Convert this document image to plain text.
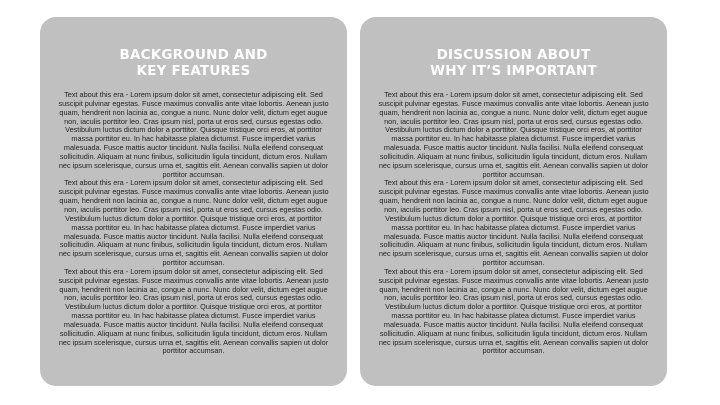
BACKGROUND AND
KEY FEATURES
Text about this era - Lorem ipsum dolor sit amet, consectetur adipiscing elit. Sed suscipit pulvinar egestas. Fusce maximus convallis ante vitae lobortis. Aenean justo quam, hendrerit non lacinia ac, congue a nunc. Nunc dolor velit, dictum eget augue non, iaculis porttitor leo. Cras ipsum nisl, porta ut eros sed, cursus egestas odio. Vestibulum luctus dictum dolor a porttitor. Quisque tristique orci eros, at porttitor massa porttitor eu. In hac habitasse platea dictumst. Fusce imperdiet varius malesuada. Fusce mattis auctor tincidunt. Nulla facilisi. Nulla eleifend consequat sollicitudin. Aliquam at nunc finibus, sollicitudin ligula tincidunt, dictum eros. Nullam nec ipsum scelerisque, cursus urna et, sagittis elit. Aenean convallis sapien ut dolor porttitor accumsan.
Text about this era - Lorem ipsum dolor sit amet, consectetur adipiscing elit. Sed suscipit pulvinar egestas. Fusce maximus convallis ante vitae lobortis. Aenean justo quam, hendrerit non lacinia ac, congue a nunc. Nunc dolor velit, dictum eget augue non, iaculis porttitor leo. Cras ipsum nisl, porta ut eros sed, cursus egestas odio. Vestibulum luctus dictum dolor a porttitor. Quisque tristique orci eros, at porttitor massa porttitor eu. In hac habitasse platea dictumst. Fusce imperdiet varius malesuada. Fusce mattis auctor tincidunt. Nulla facilisi. Nulla eleifend consequat sollicitudin. Aliquam at nunc finibus, sollicitudin ligula tincidunt, dictum eros. Nullam nec ipsum scelerisque, cursus urna et, sagittis elit. Aenean convallis sapien ut dolor porttitor accumsan.
Text about this era - Lorem ipsum dolor sit amet, consectetur adipiscing elit. Sed suscipit pulvinar egestas. Fusce maximus convallis ante vitae lobortis. Aenean justo quam, hendrerit non lacinia ac, congue a nunc. Nunc dolor velit, dictum eget augue non, iaculis porttitor leo. Cras ipsum nisl, porta ut eros sed, cursus egestas odio. Vestibulum luctus dictum dolor a porttitor. Quisque tristique orci eros, at porttitor massa porttitor eu. In hac habitasse platea dictumst. Fusce imperdiet varius malesuada. Fusce mattis auctor tincidunt. Nulla facilisi. Nulla eleifend consequat sollicitudin. Aliquam at nunc finibus, sollicitudin ligula tincidunt, dictum eros. Nullam nec ipsum scelerisque, cursus urna et, sagittis elit. Aenean convallis sapien ut dolor porttitor accumsan.
DISCUSSION ABOUT
WHY IT’S IMPORTANT
Text about this era - Lorem ipsum dolor sit amet, consectetur adipiscing elit. Sed suscipit pulvinar egestas. Fusce maximus convallis ante vitae lobortis. Aenean justo quam, hendrerit non lacinia ac, congue a nunc. Nunc dolor velit, dictum eget augue non, iaculis porttitor leo. Cras ipsum nisl, porta ut eros sed, cursus egestas odio. Vestibulum luctus dictum dolor a porttitor. Quisque tristique orci eros, at porttitor massa porttitor eu. In hac habitasse platea dictumst. Fusce imperdiet varius malesuada. Fusce mattis auctor tincidunt. Nulla facilisi. Nulla eleifend consequat sollicitudin. Aliquam at nunc finibus, sollicitudin ligula tincidunt, dictum eros. Nullam nec ipsum scelerisque, cursus urna et, sagittis elit. Aenean convallis sapien ut dolor porttitor accumsan.
Text about this era - Lorem ipsum dolor sit amet, consectetur adipiscing elit. Sed suscipit pulvinar egestas. Fusce maximus convallis ante vitae lobortis. Aenean justo quam, hendrerit non lacinia ac, congue a nunc. Nunc dolor velit, dictum eget augue non, iaculis porttitor leo. Cras ipsum nisl, porta ut eros sed, cursus egestas odio. Vestibulum luctus dictum dolor a porttitor. Quisque tristique orci eros, at porttitor massa porttitor eu. In hac habitasse platea dictumst. Fusce imperdiet varius malesuada. Fusce mattis auctor tincidunt. Nulla facilisi. Nulla eleifend consequat sollicitudin. Aliquam at nunc finibus, sollicitudin ligula tincidunt, dictum eros. Nullam nec ipsum scelerisque, cursus urna et, sagittis elit. Aenean convallis sapien ut dolor porttitor accumsan.
Text about this era - Lorem ipsum dolor sit amet, consectetur adipiscing elit. Sed suscipit pulvinar egestas. Fusce maximus convallis ante vitae lobortis. Aenean justo quam, hendrerit non lacinia ac, congue a nunc. Nunc dolor velit, dictum eget augue non, iaculis porttitor leo. Cras ipsum nisl, porta ut eros sed, cursus egestas odio. Vestibulum luctus dictum dolor a porttitor. Quisque tristique orci eros, at porttitor massa porttitor eu. In hac habitasse platea dictumst. Fusce imperdiet varius malesuada. Fusce mattis auctor tincidunt. Nulla facilisi. Nulla eleifend consequat sollicitudin. Aliquam at nunc finibus, sollicitudin ligula tincidunt, dictum eros. Nullam nec ipsum scelerisque, cursus urna et, sagittis elit. Aenean convallis sapien ut dolor porttitor accumsan.
